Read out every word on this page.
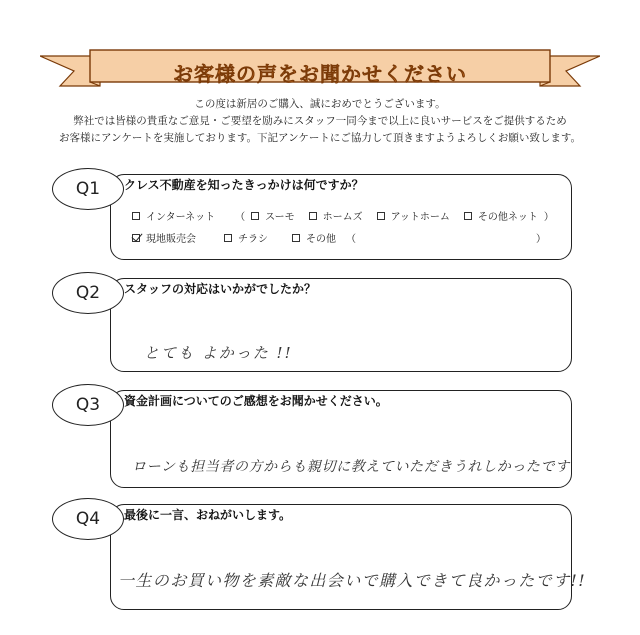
お客様の声をお聞かせください
この度は新居のご購入、誠におめでとうございます。
弊社では皆様の貴重なご意見・ご要望を励みにスタッフ一同今まで以上に良いサービスをご提供するため
お客様にアンケートを実施しております。下記アンケートにご協力して頂きますようよろしくお願い致します。
Q1	クレス不動産を知ったきっかけは何ですか？
インターネット （ スーモ	ホームズ	アットホーム	その他ネット ）
現地販売会	チラシ	その他 （	）
Q2	スタッフの対応はいかがでしたか？
とても よかった !!
Q3	資金計画についてのご感想をお聞かせください。
ローンも担当者の方からも親切に教えていただきうれしかったです
Q4	最後に一言、おねがいします。
一生のお買い物を素敵な出会いで購入できて良かったです!!
